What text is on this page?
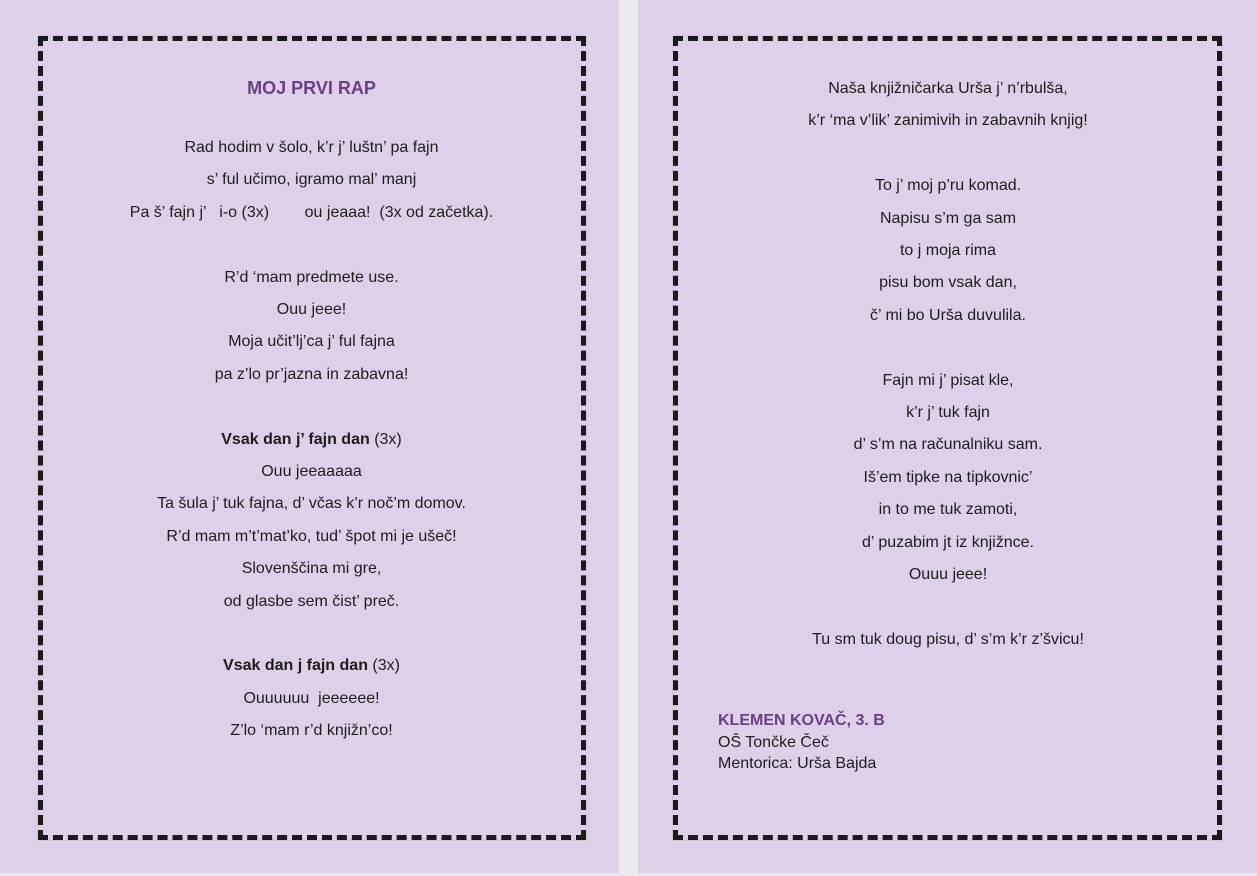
MOJ PRVI RAP
Rad hodim v šolo, k’r j’ luštn’ pa fajn
s’ ful učimo, igramo mal’ manj
Pa š’ fajn j’   i-o (3x)        ou jeaaa!  (3x od začetka).
R’d ‘mam predmete use.
Ouu jeee!
Moja učit’lj’ca j’ ful fajna
pa z’lo pr’jazna in zabavna!
Vsak dan j’ fajn dan (3x)
Ouu jeeaaaaa
Ta šula j’ tuk fajna, d’ včas k’r noč’m domov.
R’d mam m’t’mat’ko, tud’ špot mi je ušeč!
Slovenščina mi gre,
od glasbe sem čist’ preč.
Vsak dan j fajn dan (3x)
Ouuuuuu  jeeeeee!
Z’lo ‘mam r’d knjižn’co!
Naša knjižničarka Urša j’ n’rbulša,
k’r ‘ma v’lik’ zanimivih in zabavnih knjig!
To j’ moj p’ru komad.
Napisu s’m ga sam
to j moja rima
pisu bom vsak dan,
č’ mi bo Urša duvulila.
Fajn mi j’ pisat kle,
k’r j’ tuk fajn
d’ s’m na računalniku sam.
Iš’em tipke na tipkovnic’
in to me tuk zamoti,
d’ puzabim jt iz knjižnce.
Ouuu jeee!
Tu sm tuk doug pisu, d’ s’m k’r z’švicu!
KLEMEN KOVAČ, 3. B
OŠ Tončke Čeč
Mentorica: Urša Bajda
